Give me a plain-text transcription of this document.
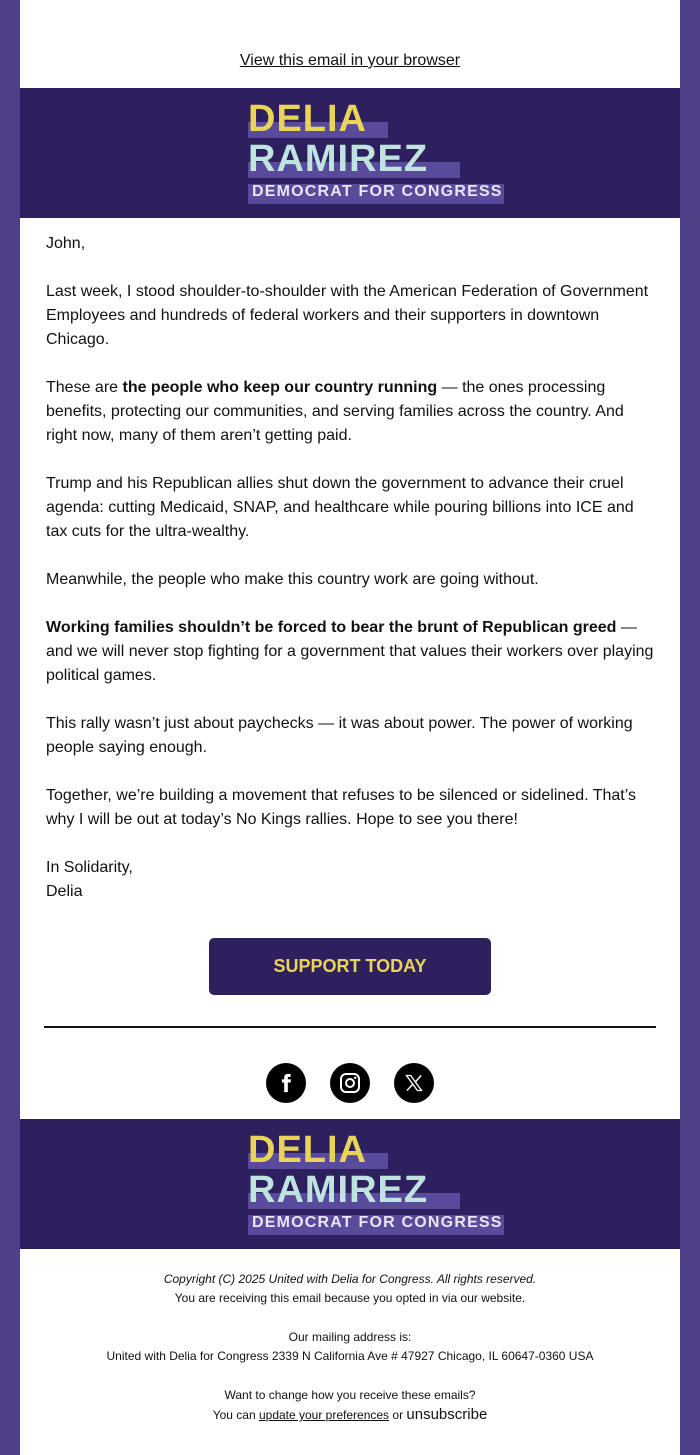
View this email in your browser
DELIA
RAMIREZ
DEMOCRAT FOR CONGRESS

John,

Last week, I stood shoulder-to-shoulder with the American Federation of Government Employees and hundreds of federal workers and their supporters in downtown Chicago.

These are the people who keep our country running — the ones processing benefits, protecting our communities, and serving families across the country. And right now, many of them aren’t getting paid.

Trump and his Republican allies shut down the government to advance their cruel agenda: cutting Medicaid, SNAP, and healthcare while pouring billions into ICE and tax cuts for the ultra-wealthy.

Meanwhile, the people who make this country work are going without.

Working families shouldn’t be forced to bear the brunt of Republican greed — and we will never stop fighting for a government that values their workers over playing political games.

This rally wasn’t just about paychecks — it was about power. The power of working people saying enough.

Together, we’re building a movement that refuses to be silenced or sidelined. That’s why I will be out at today’s No Kings rallies. Hope to see you there!

In Solidarity,

Delia

SUPPORT TODAY
DELIA
RAMIREZ
DEMOCRAT FOR CONGRESS
Copyright (C) 2025 United with Delia for Congress. All rights reserved.
You are receiving this email because you opted in via our website.
Our mailing address is:
United with Delia for Congress 2339 N California Ave # 47927 Chicago, IL 60647-0360 USA
Want to change how you receive these emails?
You can update your preferences or unsubscribe
